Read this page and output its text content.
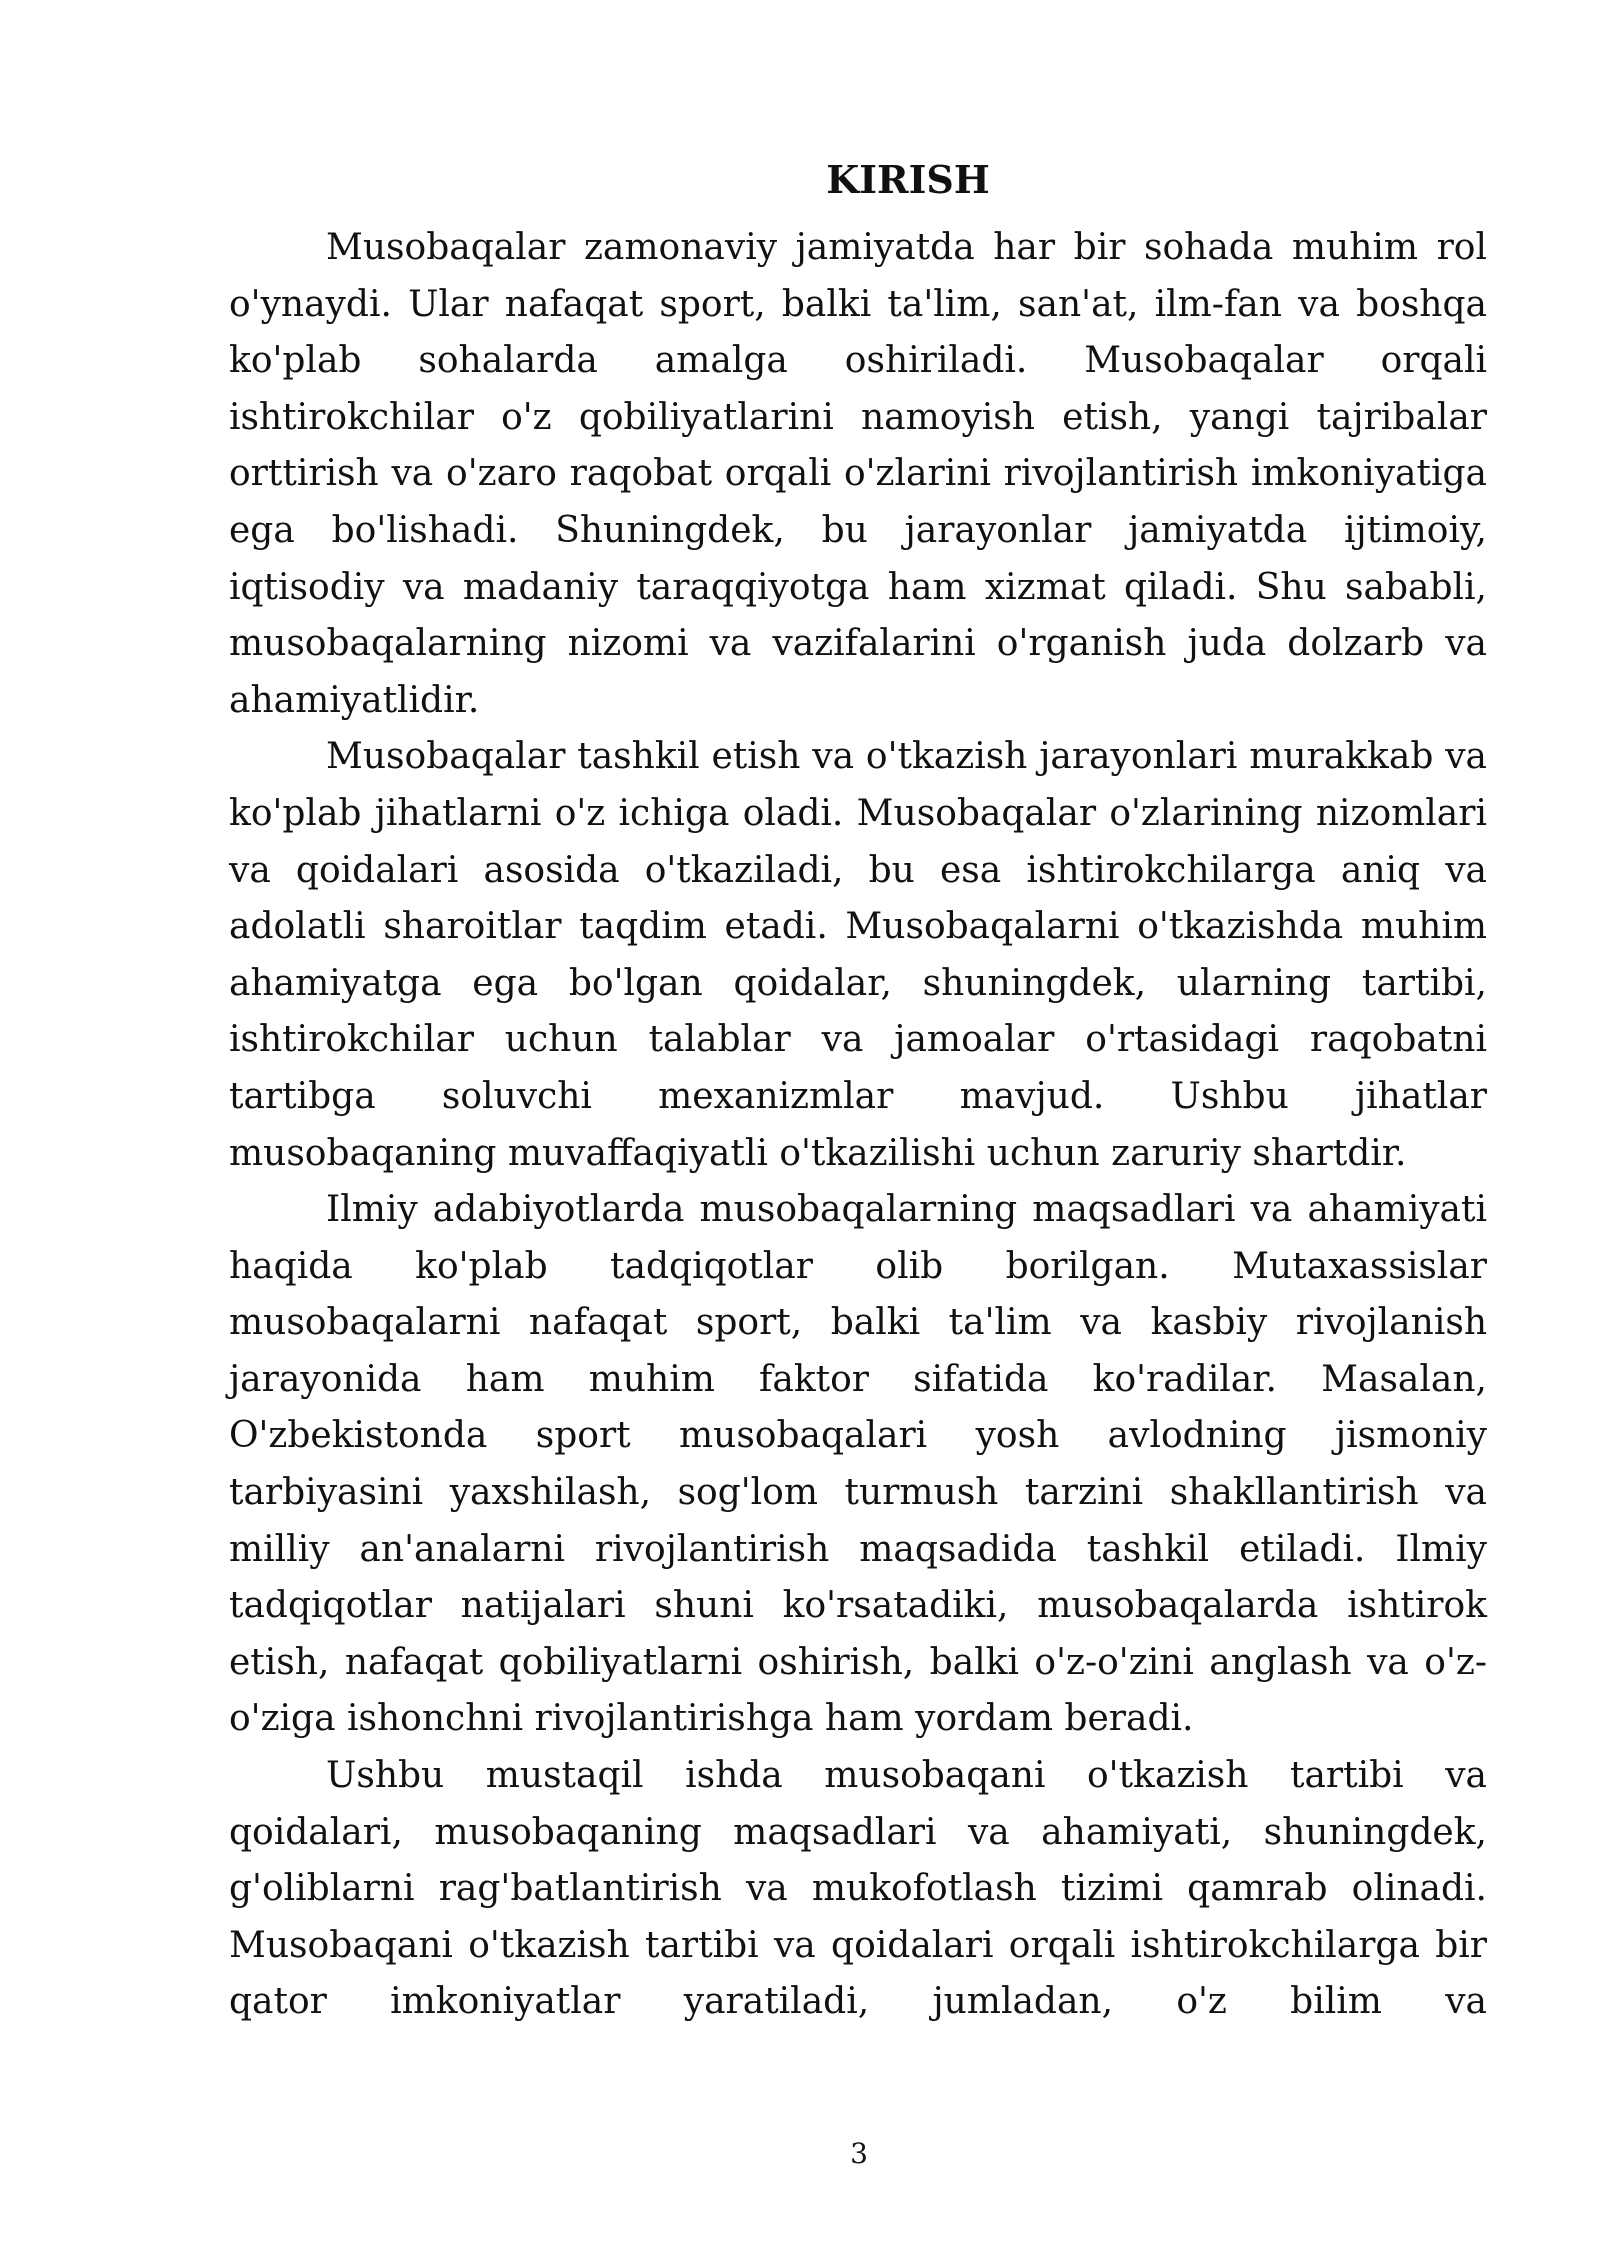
KIRISH

Musobaqalar zamonaviy jamiyatda har bir sohada muhim rol o'ynaydi. Ular nafaqat sport, balki ta'lim, san'at, ilm-fan va boshqa ko'plab sohalarda amalga oshiriladi. Musobaqalar orqali ishtirokchilar o'z qobiliyatlarini namoyish etish, yangi tajribalar orttirish va o'zaro raqobat orqali o'zlarini rivojlantirish imkoniyatiga ega bo'lishadi. Shuningdek, bu jarayonlar jamiyatda ijtimoiy, iqtisodiy va madaniy taraqqiyotga ham xizmat qiladi. Shu sababli, musobaqalarning nizomi va vazifalarini o'rganish juda dolzarb va ahamiyatlidir.

Musobaqalar tashkil etish va o'tkazish jarayonlari murakkab va ko'plab jihatlarni o'z ichiga oladi. Musobaqalar o'zlarining nizomlari va qoidalari asosida o'tkaziladi, bu esa ishtirokchilarga aniq va adolatli sharoitlar taqdim etadi. Musobaqalarni o'tkazishda muhim ahamiyatga ega bo'lgan qoidalar, shuningdek, ularning tartibi, ishtirokchilar uchun talablar va jamoalar o'rtasidagi raqobatni tartibga soluvchi mexanizmlar mavjud. Ushbu jihatlar musobaqaning muvaffaqiyatli o'tkazilishi uchun zaruriy shartdir.

Ilmiy adabiyotlarda musobaqalarning maqsadlari va ahamiyati haqida ko'plab tadqiqotlar olib borilgan. Mutaxassislar musobaqalarni nafaqat sport, balki ta'lim va kasbiy rivojlanish jarayonida ham muhim faktor sifatida ko'radilar. Masalan, O'zbekistonda sport musobaqalari yosh avlodning jismoniy tarbiyasini yaxshilash, sog'lom turmush tarzini shakllantirish va milliy an'analarni rivojlantirish maqsadida tashkil etiladi. Ilmiy tadqiqotlar natijalari shuni ko'rsatadiki, musobaqalarda ishtirok etish, nafaqat qobiliyatlarni oshirish, balki o'z-o'zini anglash va o'z-o'ziga ishonchni rivojlantirishga ham yordam beradi.

Ushbu mustaqil ishda musobaqani o'tkazish tartibi va qoidalari, musobaqaning maqsadlari va ahamiyati, shuningdek, g'oliblarni rag'batlantirish va mukofotlash tizimi qamrab olinadi. Musobaqani o'tkazish tartibi va qoidalari orqali ishtirokchilarga bir qator imkoniyatlar yaratiladi, jumladan, o'z bilim va

3
